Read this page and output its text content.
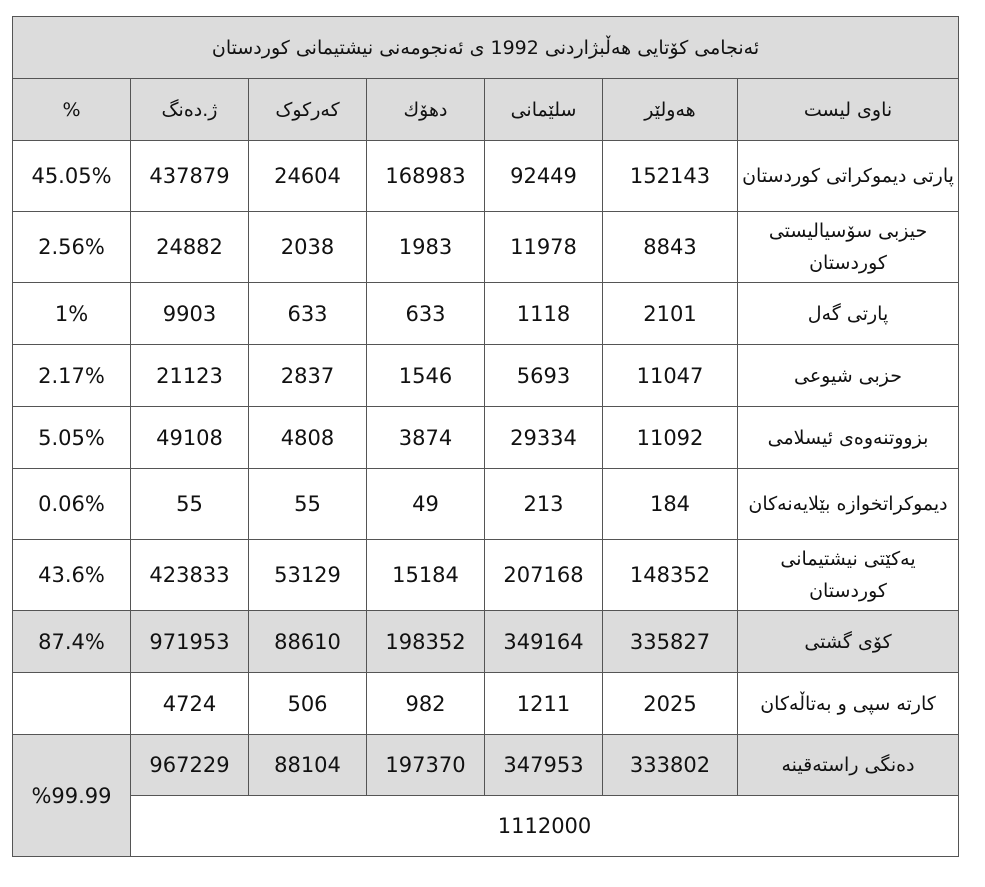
ئەنجامی کۆتایی هەڵبژاردنی 1992 ی ئەنجومەنی نیشتیمانی کوردستان						
%	ژ.دەنگ	کەرکوک	دهۆك	سلێمانی	هەولێر	ناوی لیست
45.05%	437879	24604	168983	92449	152143	پارتی دیموکراتی کوردستان
2.56%	24882	2038	1983	11978	8843	حیزبی سۆسیالیستی کوردستان
1%	9903	633	633	1118	2101	پارتی گەل
2.17%	21123	2837	1546	5693	11047	حزبی شیوعی
5.05%	49108	4808	3874	29334	11092	بزووتنەوەی ئیسلامی
0.06%	55	55	49	213	184	دیموکراتخوازە بێلایەنەکان
43.6%	423833	53129	15184	207168	148352	یەکێتی نیشتیمانی کوردستان
87.4%	971953	88610	198352	349164	335827	کۆی گشتی
	4724	506	982	1211	2025	کارتە سپی و بەتاڵەکان
%99.99	967229	88104	197370	347953	333802	دەنگی راستەقینە
	1112000					
